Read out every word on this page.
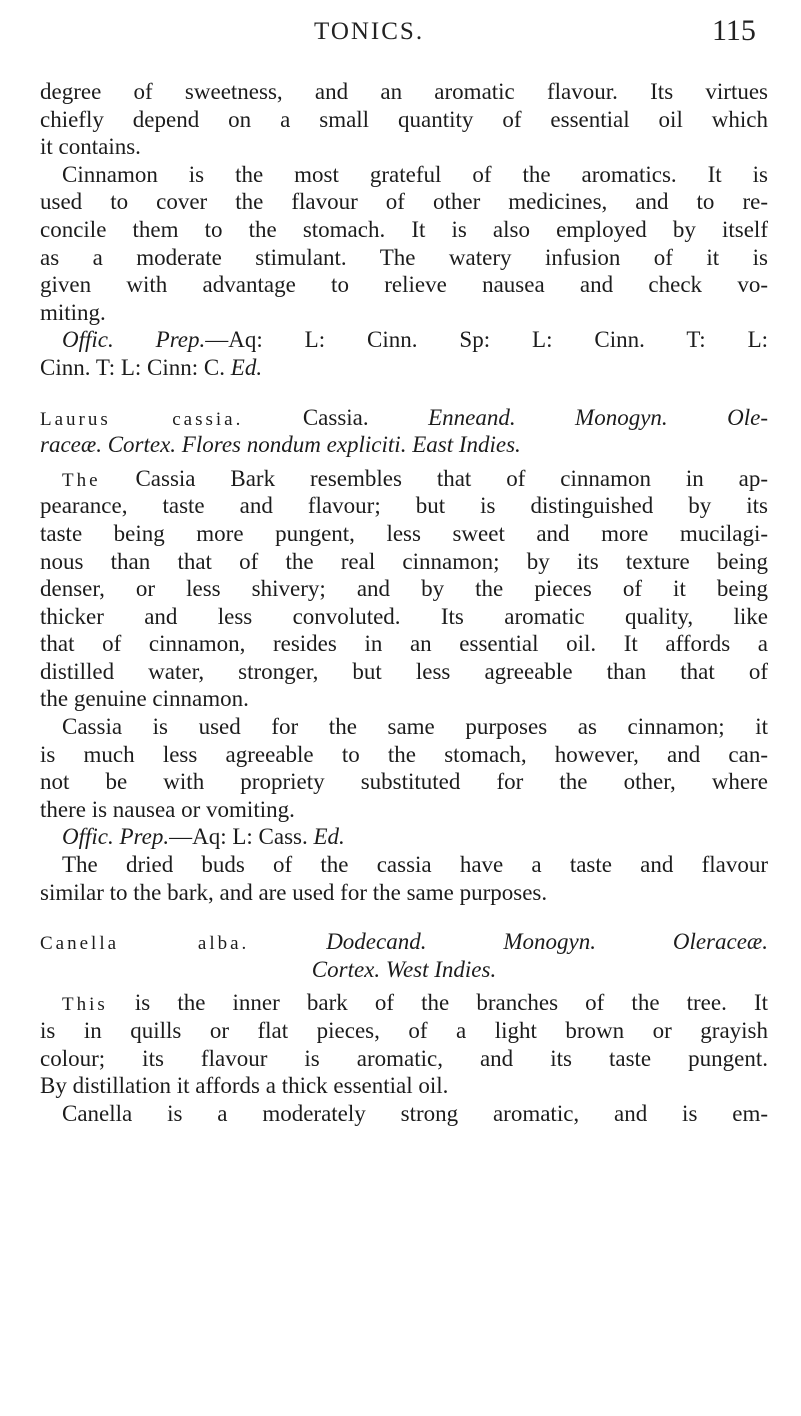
TONICS.	115
degree of sweetness, and an aromatic flavour. Its virtues
chiefly depend on a small quantity of essential oil which
it contains.
Cinnamon is the most grateful of the aromatics. It is
used to cover the flavour of other medicines, and to re-
concile them to the stomach. It is also employed by itself
as a moderate stimulant. The watery infusion of it is
given with advantage to relieve nausea and check vo-
miting.
Offic. Prep.—Aq: L: Cinn. Sp: L: Cinn. T: L:
Cinn. T: L: Cinn: C. Ed.
Laurus cassia.	Cassia.	Enneand. Monogyn. Ole-
raceæ. Cortex. Flores nondum expliciti. East Indies.
The Cassia Bark resembles that of cinnamon in ap-
pearance, taste and flavour; but is distinguished by its
taste being more pungent, less sweet and more mucilagi-
nous than that of the real cinnamon; by its texture being
denser, or less shivery; and by the pieces of it being
thicker and less convoluted. Its aromatic quality, like
that of cinnamon, resides in an essential oil. It affords a
distilled water, stronger, but less agreeable than that of
the genuine cinnamon.
Cassia is used for the same purposes as cinnamon; it
is much less agreeable to the stomach, however, and can-
not be with propriety substituted for the other, where
there is nausea or vomiting.
Offic. Prep.—Aq: L: Cass. Ed.
The dried buds of the cassia have a taste and flavour
similar to the bark, and are used for the same purposes.
Canella alba.	Dodecand. Monogyn. Oleraceæ.
Cortex. West Indies.
This is the inner bark of the branches of the tree. It
is in quills or flat pieces, of a light brown or grayish
colour; its flavour is aromatic, and its taste pungent.
By distillation it affords a thick essential oil.
Canella is a moderately strong aromatic, and is em-
